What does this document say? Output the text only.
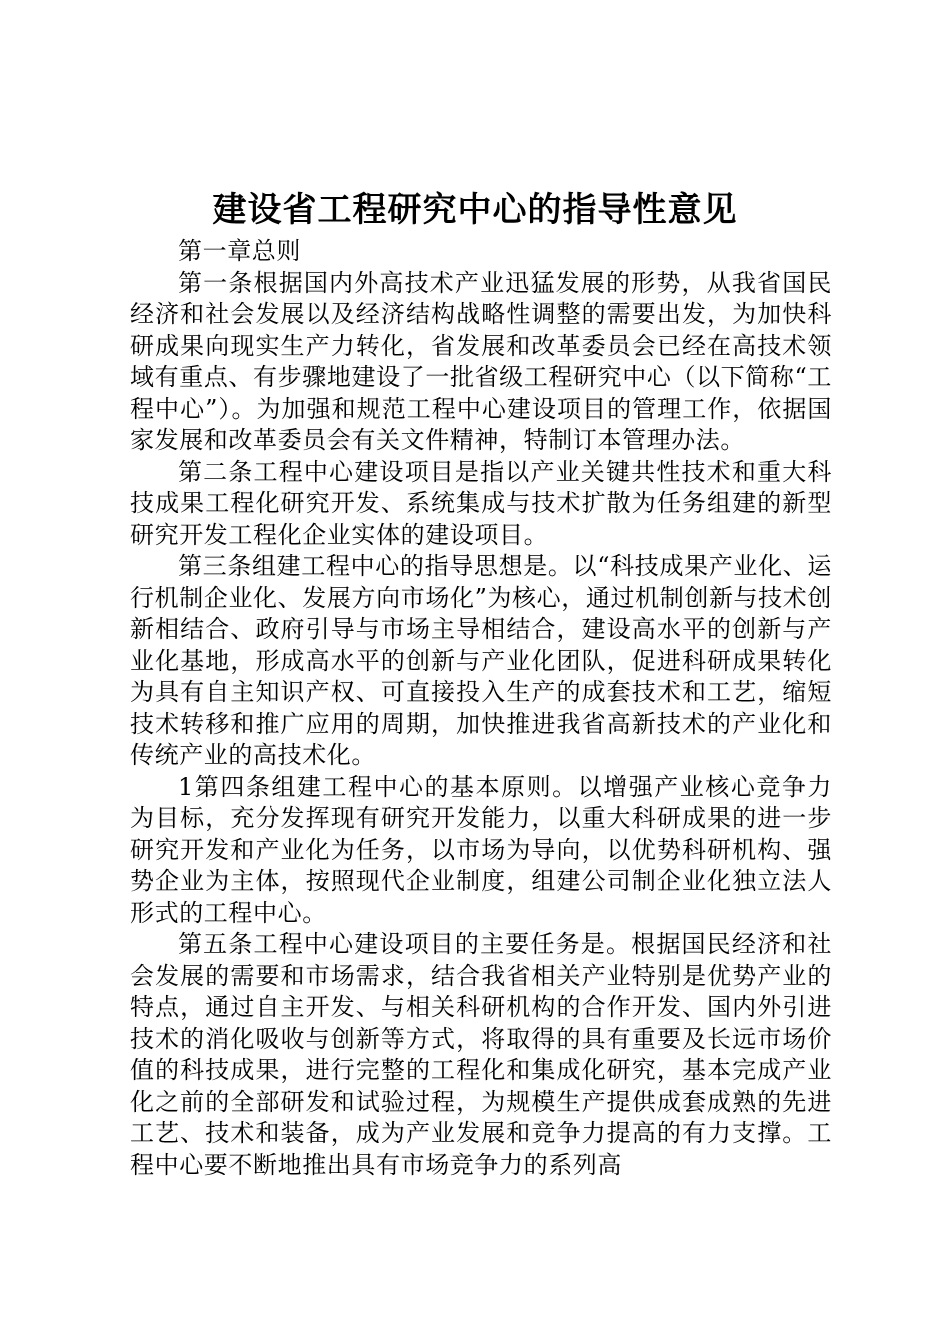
建设省工程研究中心的指导性意见

第一章总则

第一条根据国内外高技术产业迅猛发展的形势，从我省国民经济和社会发展以及经济结构战略性调整的需要出发，为加快科研成果向现实生产力转化，省发展和改革委员会已经在高技术领域有重点、有步骤地建设了一批省级工程研究中心（以下简称“工程中心”）。为加强和规范工程中心建设项目的管理工作，依据国家发展和改革委员会有关文件精神，特制订本管理办法。

第二条工程中心建设项目是指以产业关键共性技术和重大科技成果工程化研究开发、系统集成与技术扩散为任务组建的新型研究开发工程化企业实体的建设项目。

第三条组建工程中心的指导思想是。以“科技成果产业化、运行机制企业化、发展方向市场化”为核心，通过机制创新与技术创新相结合、政府引导与市场主导相结合，建设高水平的创新与产业化基地，形成高水平的创新与产业化团队，促进科研成果转化为具有自主知识产权、可直接投入生产的成套技术和工艺，缩短技术转移和推广应用的周期，加快推进我省高新技术的产业化和传统产业的高技术化。

1第四条组建工程中心的基本原则。以增强产业核心竞争力为目标，充分发挥现有研究开发能力，以重大科研成果的进一步研究开发和产业化为任务，以市场为导向，以优势科研机构、强势企业为主体，按照现代企业制度，组建公司制企业化独立法人形式的工程中心。

第五条工程中心建设项目的主要任务是。根据国民经济和社会发展的需要和市场需求，结合我省相关产业特别是优势产业的特点，通过自主开发、与相关科研机构的合作开发、国内外引进技术的消化吸收与创新等方式，将取得的具有重要及长远市场价值的科技成果，进行完整的工程化和集成化研究，基本完成产业化之前的全部研发和试验过程，为规模生产提供成套成熟的先进工艺、技术和装备，成为产业发展和竞争力提高的有力支撑。工程中心要不断地推出具有市场竞争力的系列高
